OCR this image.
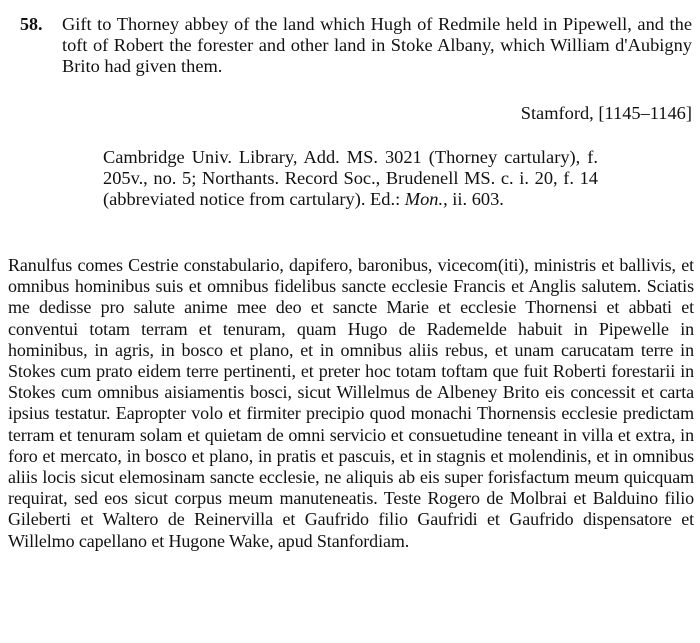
58. Gift to Thorney abbey of the land which Hugh of Redmile held in Pipewell, and the toft of Robert the forester and other land in Stoke Albany, which William d'Aubigny Brito had given them.
Stamford, [1145–1146]
Cambridge Univ. Library, Add. MS. 3021 (Thorney cartulary), f. 205v., no. 5; Northants. Record Soc., Brudenell MS. c. i. 20, f. 14 (abbreviated notice from cartulary). Ed.: Mon., ii. 603.

Ranulfus comes Cestrie constabulario, dapifero, baronibus, vicecom(iti), ministris et ballivis, et omnibus hominibus suis et omnibus fidelibus sancte ecclesie Francis et Anglis salutem. Sciatis me dedisse pro salute anime mee deo et sancte Marie et ecclesie Thornensi et abbati et conventui totam terram et tenuram, quam Hugo de Rademelde habuit in Pipewelle in hominibus, in agris, in bosco et plano, et in omnibus aliis rebus, et unam carucatam terre in Stokes cum prato eidem terre pertinenti, et preter hoc totam toftam que fuit Roberti forestarii in Stokes cum omnibus aisiamentis bosci, sicut Willelmus de Albeney Brito eis concessit et carta ipsius testatur. Eapropter volo et firmiter precipio quod monachi Thornensis ecclesie predictam terram et tenuram solam et quietam de omni servicio et consuetudine teneant in villa et extra, in foro et mercato, in bosco et plano, in pratis et pascuis, et in stagnis et molendinis, et in omnibus aliis locis sicut elemosinam sancte ecclesie, ne aliquis ab eis super forisfactum meum quicquam requirat, sed eos sicut corpus meum manuteneatis. Teste Rogero de Molbrai et Balduino filio Gileberti et Waltero de Reinervilla et Gaufrido filio Gaufridi et Gaufrido dispensatore et Willelmo capellano et Hugone Wake, apud Stanfordiam.
